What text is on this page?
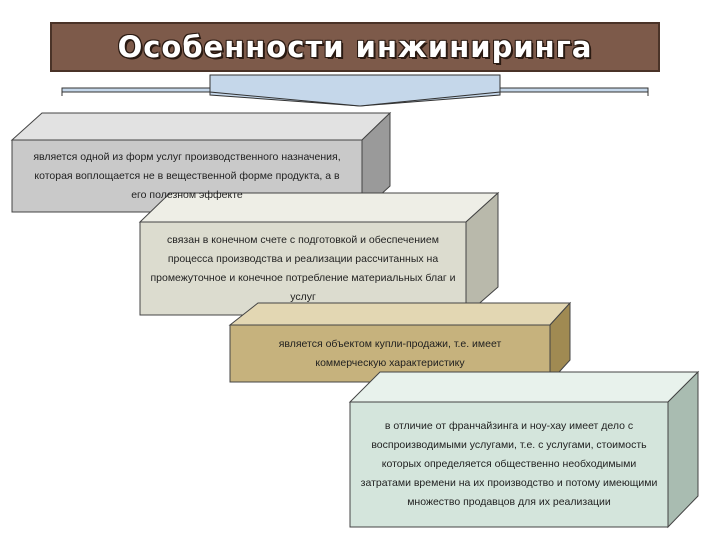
Особенности инжиниринга
является одной из форм услуг производственного назначения, которая воплощается не в вещественной форме продукта, а в его полезном эффекте
связан в конечном счете с подготовкой и обеспечением процесса производства и реализации рассчитанных на промежуточное и конечное потребление материальных благ и услуг
является объектом купли-продажи, т.е. имеет коммерческую характеристику
в отличие от франчайзинга и ноу-хау имеет дело с воспроизводимыми услугами, т.е. с услугами, стоимость которых определяется общественно необходимыми затратами времени на их производство и потому имеющими множество продавцов для их реализации
